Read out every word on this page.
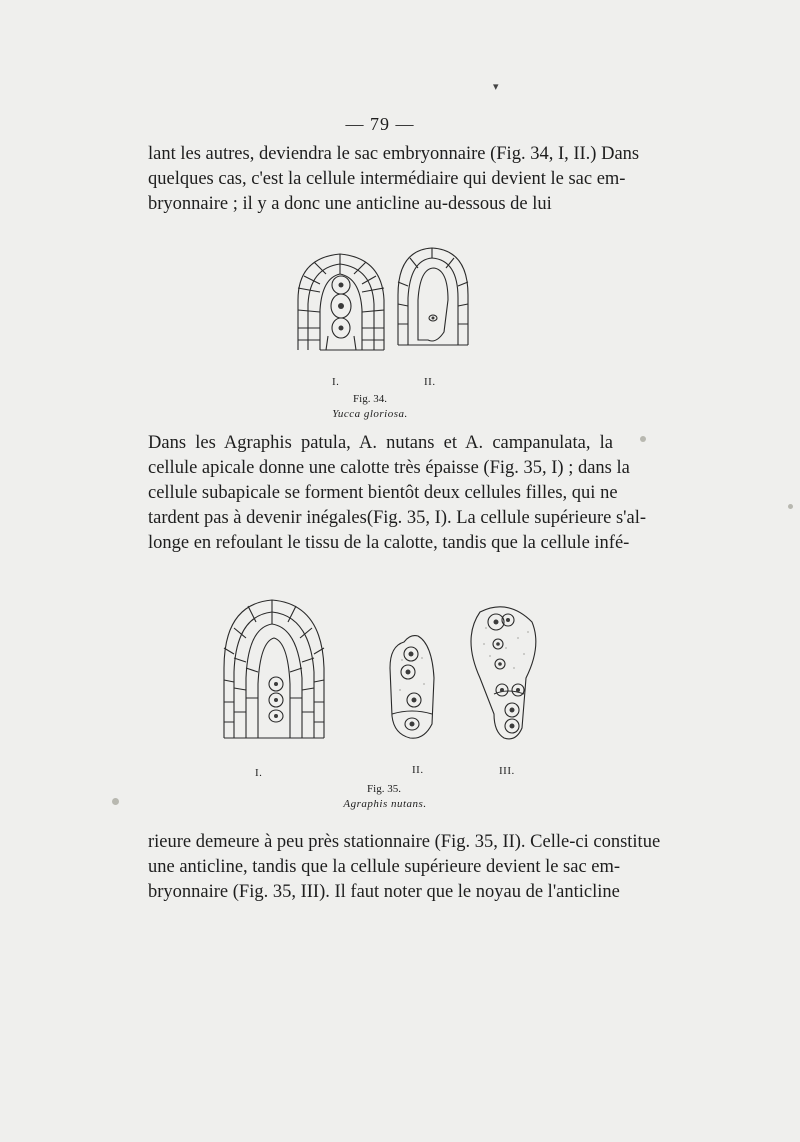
— 79 —

lant les autres, deviendra le sac embryonnaire (Fig. 34, I, II.) Dans
quelques cas, c'est la cellule intermédiaire qui devient le sac em-
bryonnaire ; il y a donc une anticline au-dessous de lui

I.	II.
Fig. 34.
Yucca gloriosa.

Dans les Agraphis patula, A. nutans et A. campanulata, la
cellule apicale donne une calotte très épaisse (Fig. 35, I) ; dans la
cellule subapicale se forment bientôt deux cellules filles, qui ne
tardent pas à devenir inégales(Fig. 35, I). La cellule supérieure s'al-
longe en refoulant le tissu de la calotte, tandis que la cellule infé-

I.	II.	III.
Fig. 35.
Agraphis nutans.

rieure demeure à peu près stationnaire (Fig. 35, II). Celle-ci constitue
une anticline, tandis que la cellule supérieure devient le sac em-
bryonnaire (Fig. 35, III). Il faut noter que le noyau de l'anticline

▾
